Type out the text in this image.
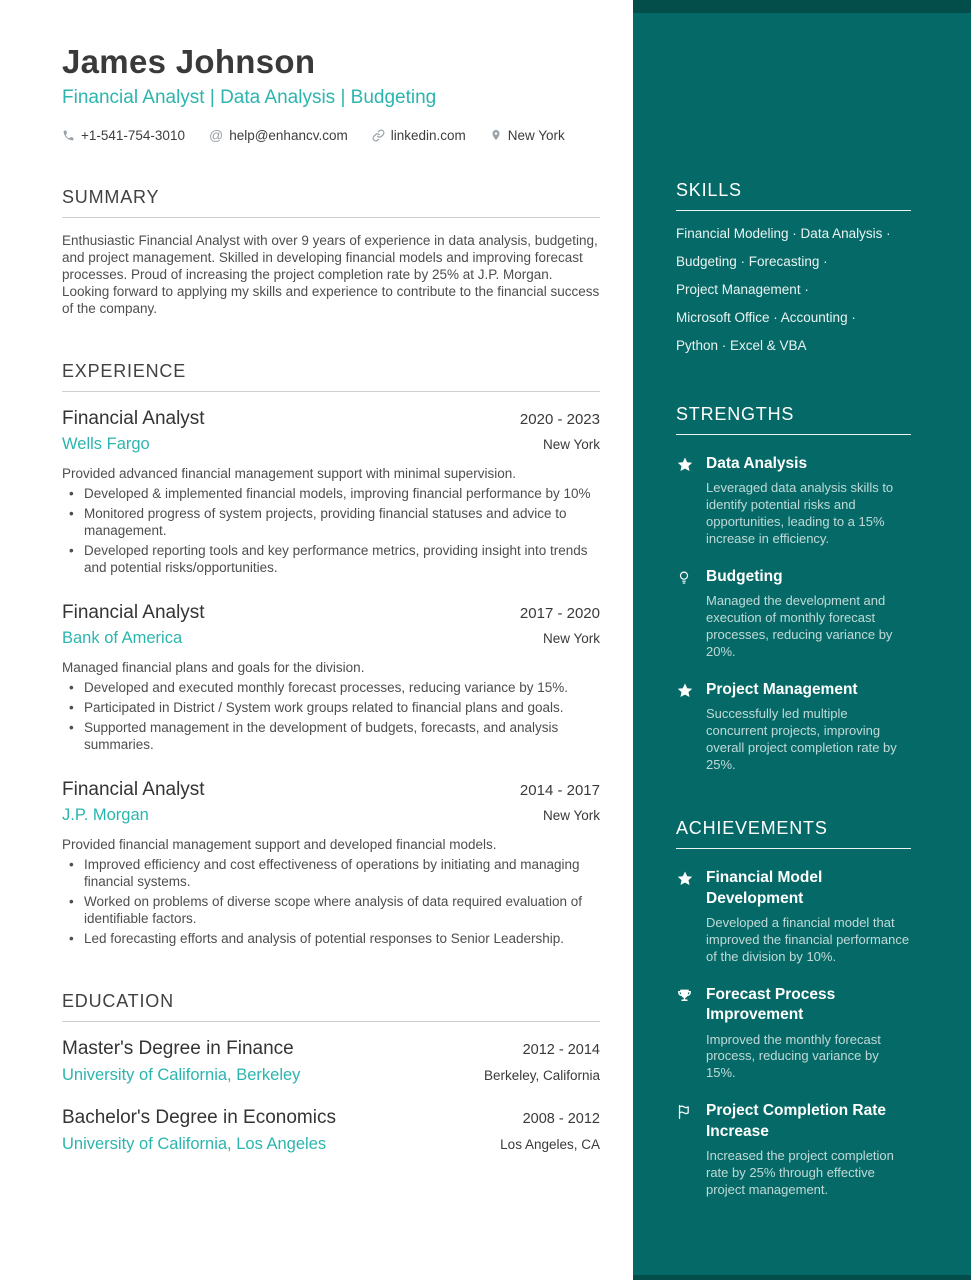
James Johnson
Financial Analyst | Data Analysis | Budgeting
+1-541-754-3010 @ help@enhancv.com	linkedin.com	New York
SUMMARY
Enthusiastic Financial Analyst with over 9 years of experience in data analysis, budgeting, and project management. Skilled in developing financial models and improving forecast processes. Proud of increasing the project completion rate by 25% at J.P. Morgan. Looking forward to applying my skills and experience to contribute to the financial success of the company.
EXPERIENCE
Financial Analyst	2020 - 2023
Wells Fargo	New York
Provided advanced financial management support with minimal supervision.
• Developed & implemented financial models, improving financial performance by 10%
• Monitored progress of system projects, providing financial statuses and advice to management.
• Developed reporting tools and key performance metrics, providing insight into trends and potential risks/opportunities.
Financial Analyst	2017 - 2020
Bank of America	New York
Managed financial plans and goals for the division.
• Developed and executed monthly forecast processes, reducing variance by 15%.
• Participated in District / System work groups related to financial plans and goals.
• Supported management in the development of budgets, forecasts, and analysis summaries.
Financial Analyst	2014 - 2017
J.P. Morgan	New York
Provided financial management support and developed financial models.
• Improved efficiency and cost effectiveness of operations by initiating and managing financial systems.
• Worked on problems of diverse scope where analysis of data required evaluation of identifiable factors.
• Led forecasting efforts and analysis of potential responses to Senior Leadership.
EDUCATION
Master's Degree in Finance	2012 - 2014
University of California, Berkeley	Berkeley, California
Bachelor's Degree in Economics	2008 - 2012
University of California, Los Angeles	Los Angeles, CA
SKILLS
Financial Modeling · Data Analysis ·
Budgeting · Forecasting ·
Project Management ·
Microsoft Office · Accounting ·
Python · Excel & VBA
STRENGTHS
Data Analysis
Leveraged data analysis skills to identify potential risks and opportunities, leading to a 15% increase in efficiency.
Budgeting
Managed the development and execution of monthly forecast processes, reducing variance by 20%.
Project Management
Successfully led multiple concurrent projects, improving overall project completion rate by 25%.
ACHIEVEMENTS
Financial Model Development
Developed a financial model that improved the financial performance of the division by 10%.
Forecast Process Improvement
Improved the monthly forecast process, reducing variance by 15%.
Project Completion Rate Increase
Increased the project completion rate by 25% through effective project management.
